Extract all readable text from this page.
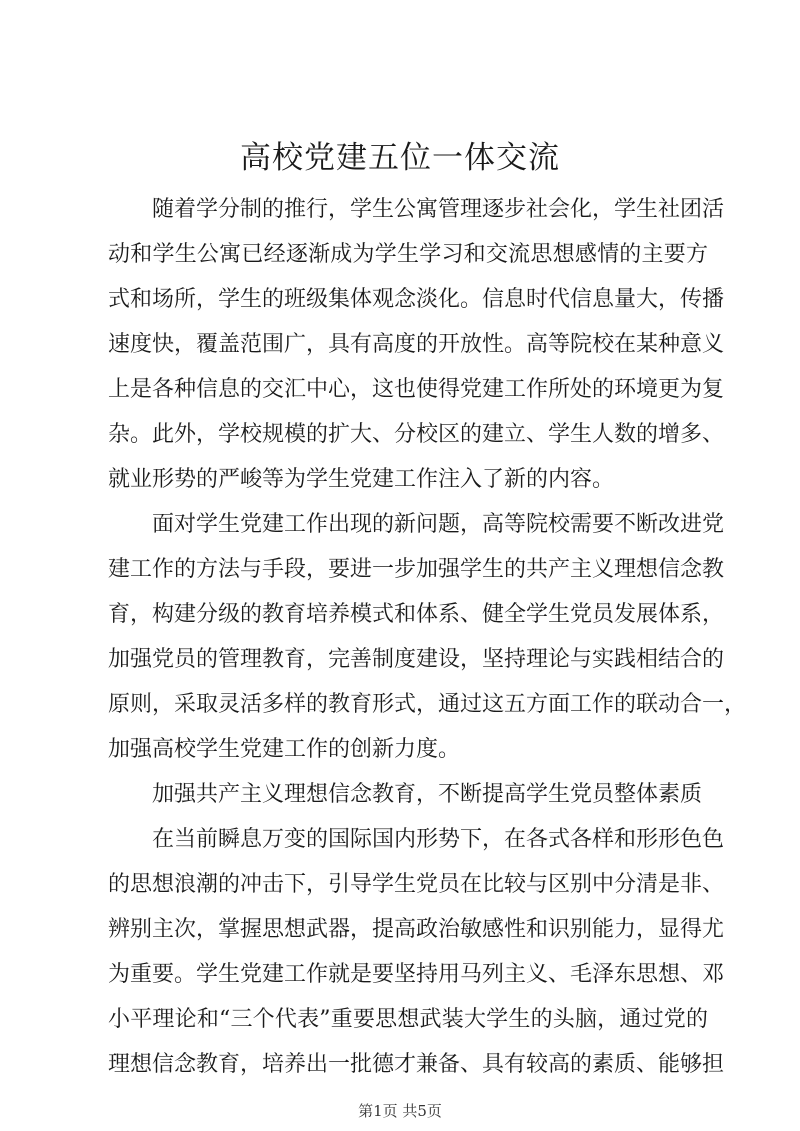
高校党建五位一体交流
随着学分制的推行，学生公寓管理逐步社会化，学生社团活
动和学生公寓已经逐渐成为学生学习和交流思想感情的主要方
式和场所，学生的班级集体观念淡化。信息时代信息量大，传播
速度快，覆盖范围广，具有高度的开放性。高等院校在某种意义
上是各种信息的交汇中心，这也使得党建工作所处的环境更为复
杂。此外，学校规模的扩大、分校区的建立、学生人数的增多、
就业形势的严峻等为学生党建工作注入了新的内容。
面对学生党建工作出现的新问题，高等院校需要不断改进党
建工作的方法与手段，要进一步加强学生的共产主义理想信念教
育，构建分级的教育培养模式和体系、健全学生党员发展体系，
加强党员的管理教育，完善制度建设，坚持理论与实践相结合的
原则，采取灵活多样的教育形式，通过这五方面工作的联动合一，
加强高校学生党建工作的创新力度。
加强共产主义理想信念教育，不断提高学生党员整体素质
在当前瞬息万变的国际国内形势下，在各式各样和形形色色
的思想浪潮的冲击下，引导学生党员在比较与区别中分清是非、
辨别主次，掌握思想武器，提高政治敏感性和识别能力，显得尤
为重要。学生党建工作就是要坚持用马列主义、毛泽东思想、邓
小平理论和“三个代表”重要思想武装大学生的头脑，通过党的
理想信念教育，培养出一批德才兼备、具有较高的素质、能够担
第1页 共5页
